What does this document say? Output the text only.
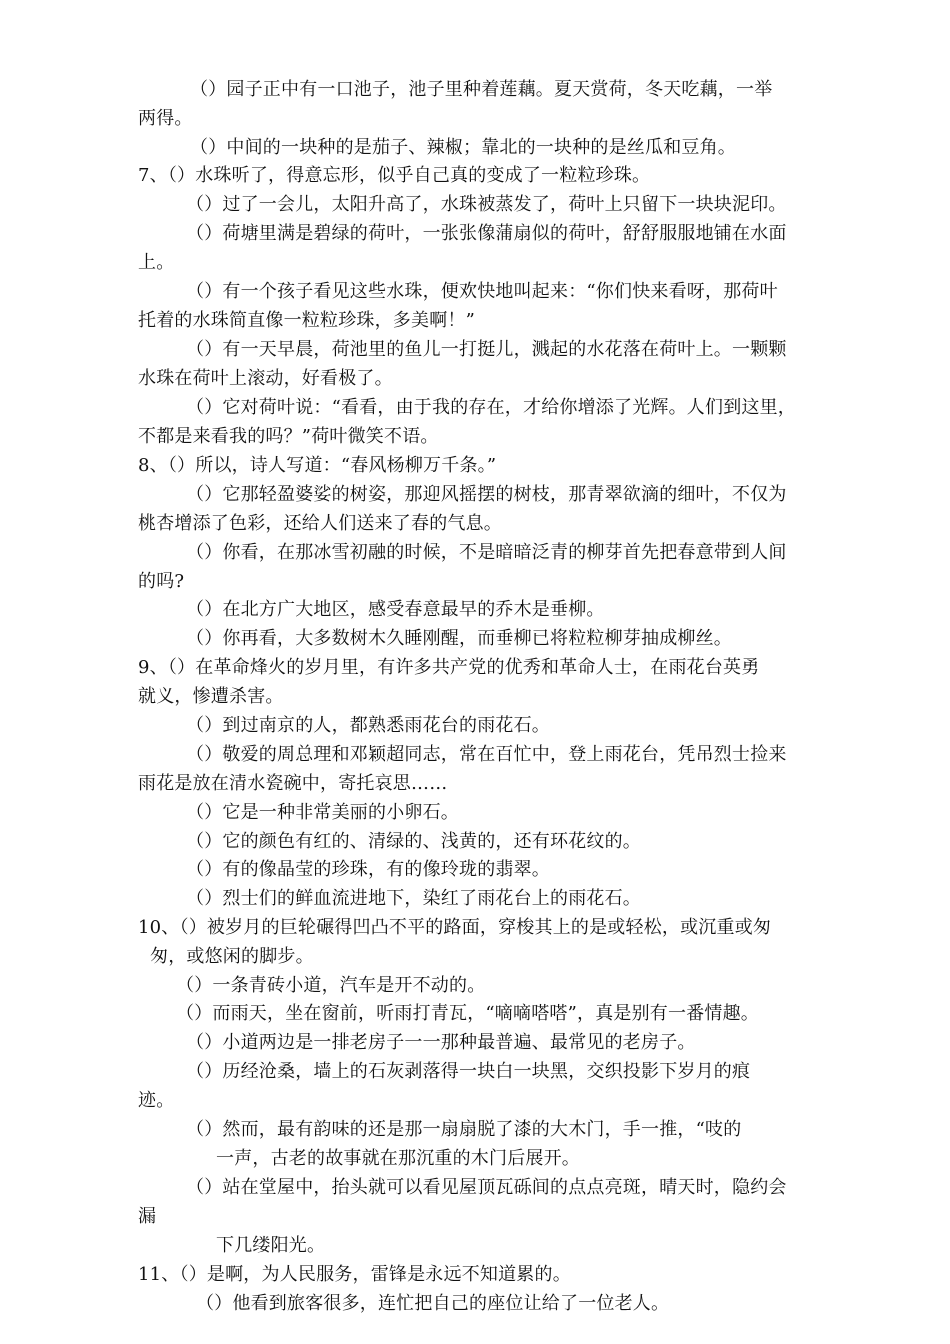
（）园子正中有一口池子，池子里种着莲藕。夏天赏荷，冬天吃藕，一举

两得。

（）中间的一块种的是茄子、辣椒；靠北的一块种的是丝瓜和豆角。

7、（）水珠听了，得意忘形，似乎自己真的变成了一粒粒珍珠。

（）过了一会儿，太阳升高了，水珠被蒸发了，荷叶上只留下一块块泥印。

（）荷塘里满是碧绿的荷叶，一张张像蒲扇似的荷叶，舒舒服服地铺在水面

上。

（）有一个孩子看见这些水珠，便欢快地叫起来：“你们快来看呀，那荷叶

托着的水珠简直像一粒粒珍珠，多美啊！”

（）有一天早晨，荷池里的鱼儿一打挺儿，溅起的水花落在荷叶上。一颗颗

水珠在荷叶上滚动，好看极了。

（）它对荷叶说：“看看，由于我的存在，才给你增添了光辉。人们到这里，

不都是来看我的吗？”荷叶微笑不语。

8、（）所以，诗人写道：“春风杨柳万千条。”

（）它那轻盈婆娑的树姿，那迎风摇摆的树枝，那青翠欲滴的细叶，不仅为

桃杏增添了色彩，还给人们送来了春的气息。

（）你看，在那冰雪初融的时候，不是暗暗泛青的柳芽首先把春意带到人间

的吗?

（）在北方广大地区，感受春意最早的乔木是垂柳。

（）你再看，大多数树木久睡刚醒，而垂柳已将粒粒柳芽抽成柳丝。

9、（）在革命烽火的岁月里，有许多共产党的优秀和革命人士，在雨花台英勇

就义，惨遭杀害。

（）到过南京的人，都熟悉雨花台的雨花石。

（）敬爱的周总理和邓颖超同志，常在百忙中，登上雨花台，凭吊烈士捡来

雨花是放在清水瓷碗中，寄托哀思……

（）它是一种非常美丽的小卵石。

（）它的颜色有红的、清绿的、浅黄的，还有环花纹的。

（）有的像晶莹的珍珠，有的像玲珑的翡翠。

（）烈士们的鲜血流进地下，染红了雨花台上的雨花石。

10、（）被岁月的巨轮碾得凹凸不平的路面，穿梭其上的是或轻松，或沉重或匆

匆，或悠闲的脚步。

（）一条青砖小道，汽车是开不动的。

（）而雨天，坐在窗前，听雨打青瓦，“嘀嘀嗒嗒”，真是别有一番情趣。

（）小道两边是一排老房子一一那种最普遍、最常见的老房子。

（）历经沧桑，墙上的石灰剥落得一块白一块黑，交织投影下岁月的痕

迹。

（）然而，最有韵味的还是那一扇扇脱了漆的大木门，手一推，“吱的

一声，古老的故事就在那沉重的木门后展开。

（）站在堂屋中，抬头就可以看见屋顶瓦砾间的点点亮斑，晴天时，隐约会

漏

下几缕阳光。

11、（）是啊，为人民服务，雷锋是永远不知道累的。

（）他看到旅客很多，连忙把自己的座位让给了一位老人。
